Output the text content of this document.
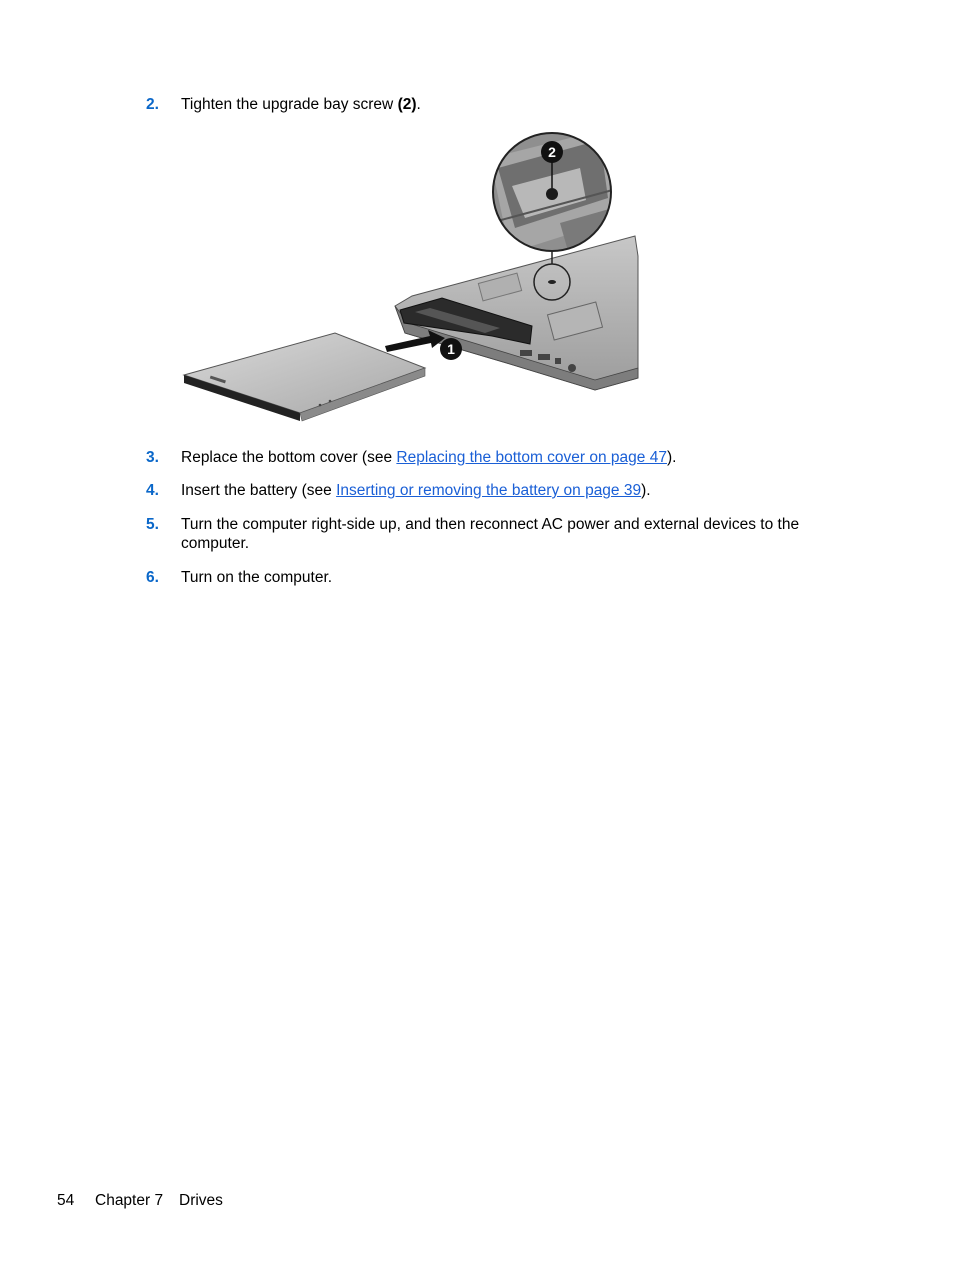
2. Tighten the upgrade bay screw (2).
2
1
3. Replace the bottom cover (see Replacing the bottom cover on page 47).
4. Insert the battery (see Inserting or removing the battery on page 39).
5. Turn the computer right-side up, and then reconnect AC power and external devices to the computer.
6. Turn on the computer.
54 Chapter 7 Drives
